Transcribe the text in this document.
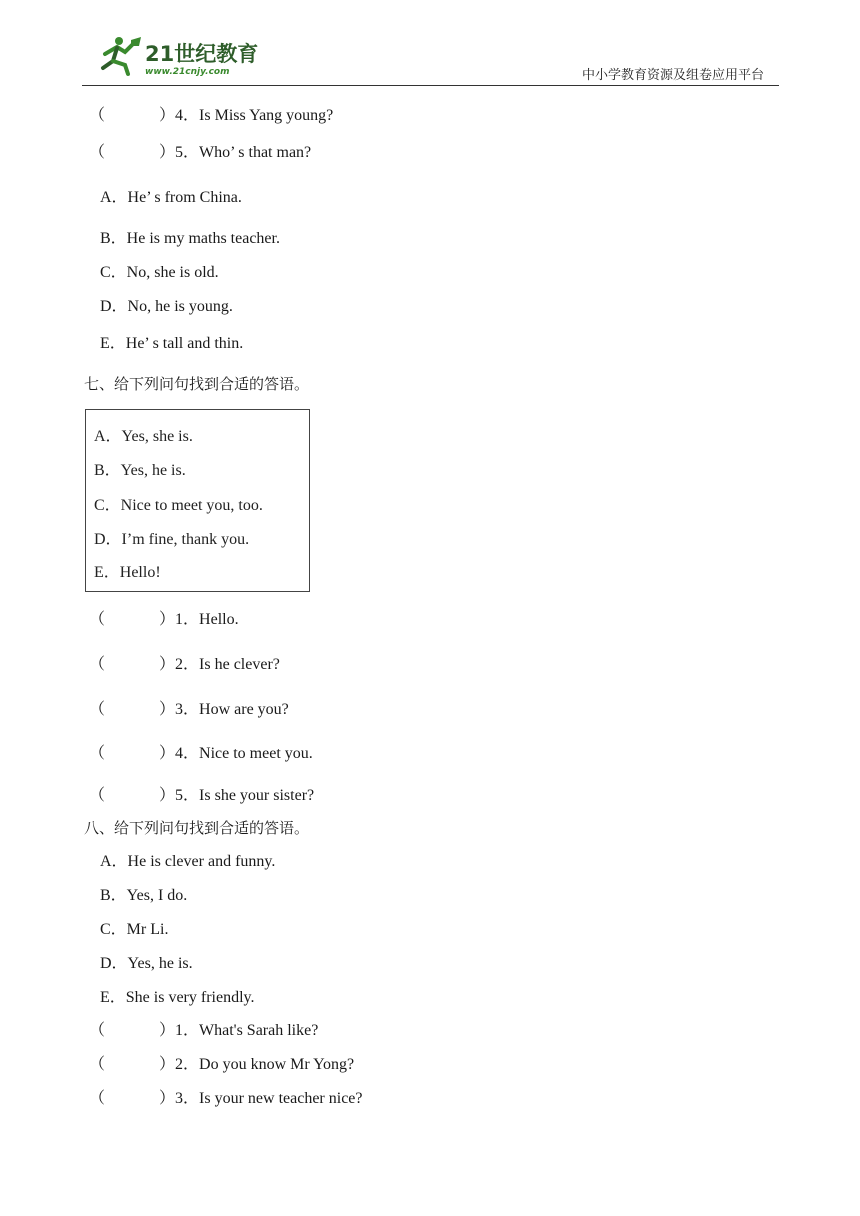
21世纪教育
www.21cnjy.com	中小学教育资源及组卷应用平台
（	）4．Is Miss Yang young?
（	）5．Who’ s that man?
A．He’ s from China.
B．He is my maths teacher.
C．No, she is old.
D．No, he is young.
E．He’ s tall and thin.
七、给下列问句找到合适的答语。
A．Yes, she is.
B．Yes, he is.
C．Nice to meet you, too.
D．I’m fine, thank you.
E．Hello!
（	）1．Hello.
（	）2．Is he clever?
（	）3．How are you?
（	）4．Nice to meet you.
（	）5．Is she your sister?
八、给下列问句找到合适的答语。
A．He is clever and funny.
B．Yes, I do.
C．Mr Li.
D．Yes, he is.
E．She is very friendly.
（	）1．What's Sarah like?
（	）2．Do you know Mr Yong?
（	）3．Is your new teacher nice?
